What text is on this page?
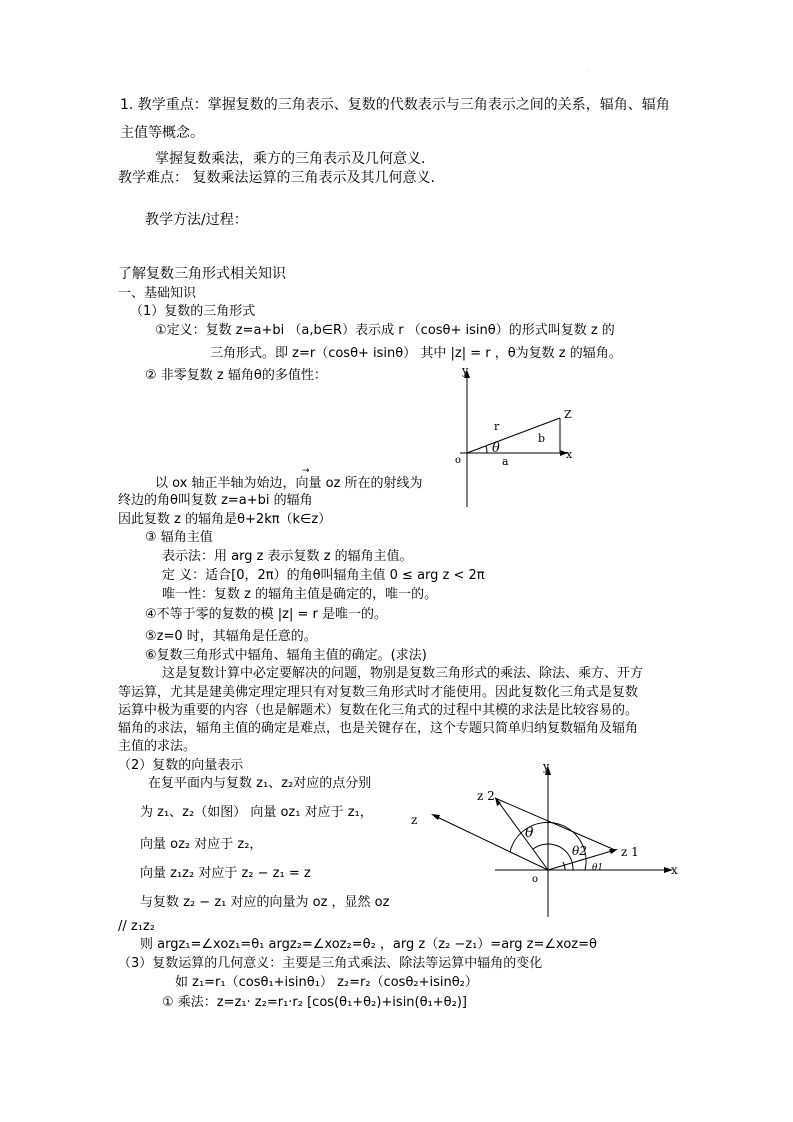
·
1. 教学重点：掌握复数的三角表示、复数的代数表示与三角表示之间的关系，辐角、辐角
主值等概念。
掌握复数乘法，乘方的三角表示及几何意义.
教学难点： 复数乘法运算的三角表示及其几何意义.
教学方法/过程：
了解复数三角形式相关知识
一、基础知识
（1）复数的三角形式
①定义：复数 z=a+bi （a,b∈R）表示成 r （cosθ+ isinθ）的形式叫复数 z 的
三角形式。即 z=r（cosθ+ isinθ） 其中 |z| = r ，θ为复数 z 的辐角。
② 非零复数 z 辐角θ的多值性：	y
x
o
Z
r
θ
b
a
以 ox 轴正半轴为始边，向量 oz 所在的射线为
→
终边的角θ叫复数 z=a+bi 的辐角
因此复数 z 的辐角是θ+2kπ（k∈z）
③ 辐角主值
表示法：用 arg z 表示复数 z 的辐角主值。
定 义：适合[0，2π）的角θ叫辐角主值 0 ≤ arg z < 2π
唯一性：复数 z 的辐角主值是确定的，唯一的。
④不等于零的复数的模 |z| = r 是唯一的。
⑤z=0 时，其辐角是任意的。
⑥复数三角形式中辐角、辐角主值的确定。(求法)
这是复数计算中必定要解决的问题，物别是复数三角形式的乘法、除法、乘方、开方
等运算，尤其是建美佛定理定理只有对复数三角形式时才能使用。因此复数化三角式是复数
运算中极为重要的内容（也是解题术）复数在化三角式的过程中其模的求法是比较容易的。
辐角的求法，辐角主值的确定是难点，也是关键存在，这个专题只简单归纳复数辐角及辐角
主值的求法。
（2）复数的向量表示
在复平面内与复数 z₁、z₂对应的点分别
为 z₁、z₂（如图） 向量 oz₁ 对应于 z₁，
向量 oz₂ 对应于 z₂，
向量 z₁z₂ 对应于 z₂ − z₁ = z
与复数 z₂ − z₁ 对应的向量为 oz ，显然 oz
// z₁z₂
y
x
o
z 1
z 2
z
θ
θ2
θ1
则 argz₁=∠xoz₁=θ₁ argz₂=∠xoz₂=θ₂ ，arg z（z₂ −z₁）=arg z=∠xoz=θ
（3）复数运算的几何意义：主要是三角式乘法、除法等运算中辐角的变化
如 z₁=r₁（cosθ₁+isinθ₁） z₂=r₂（cosθ₂+isinθ₂）
① 乘法：z=z₁· z₂=r₁·r₂ [cos(θ₁+θ₂)+isin(θ₁+θ₂)]
